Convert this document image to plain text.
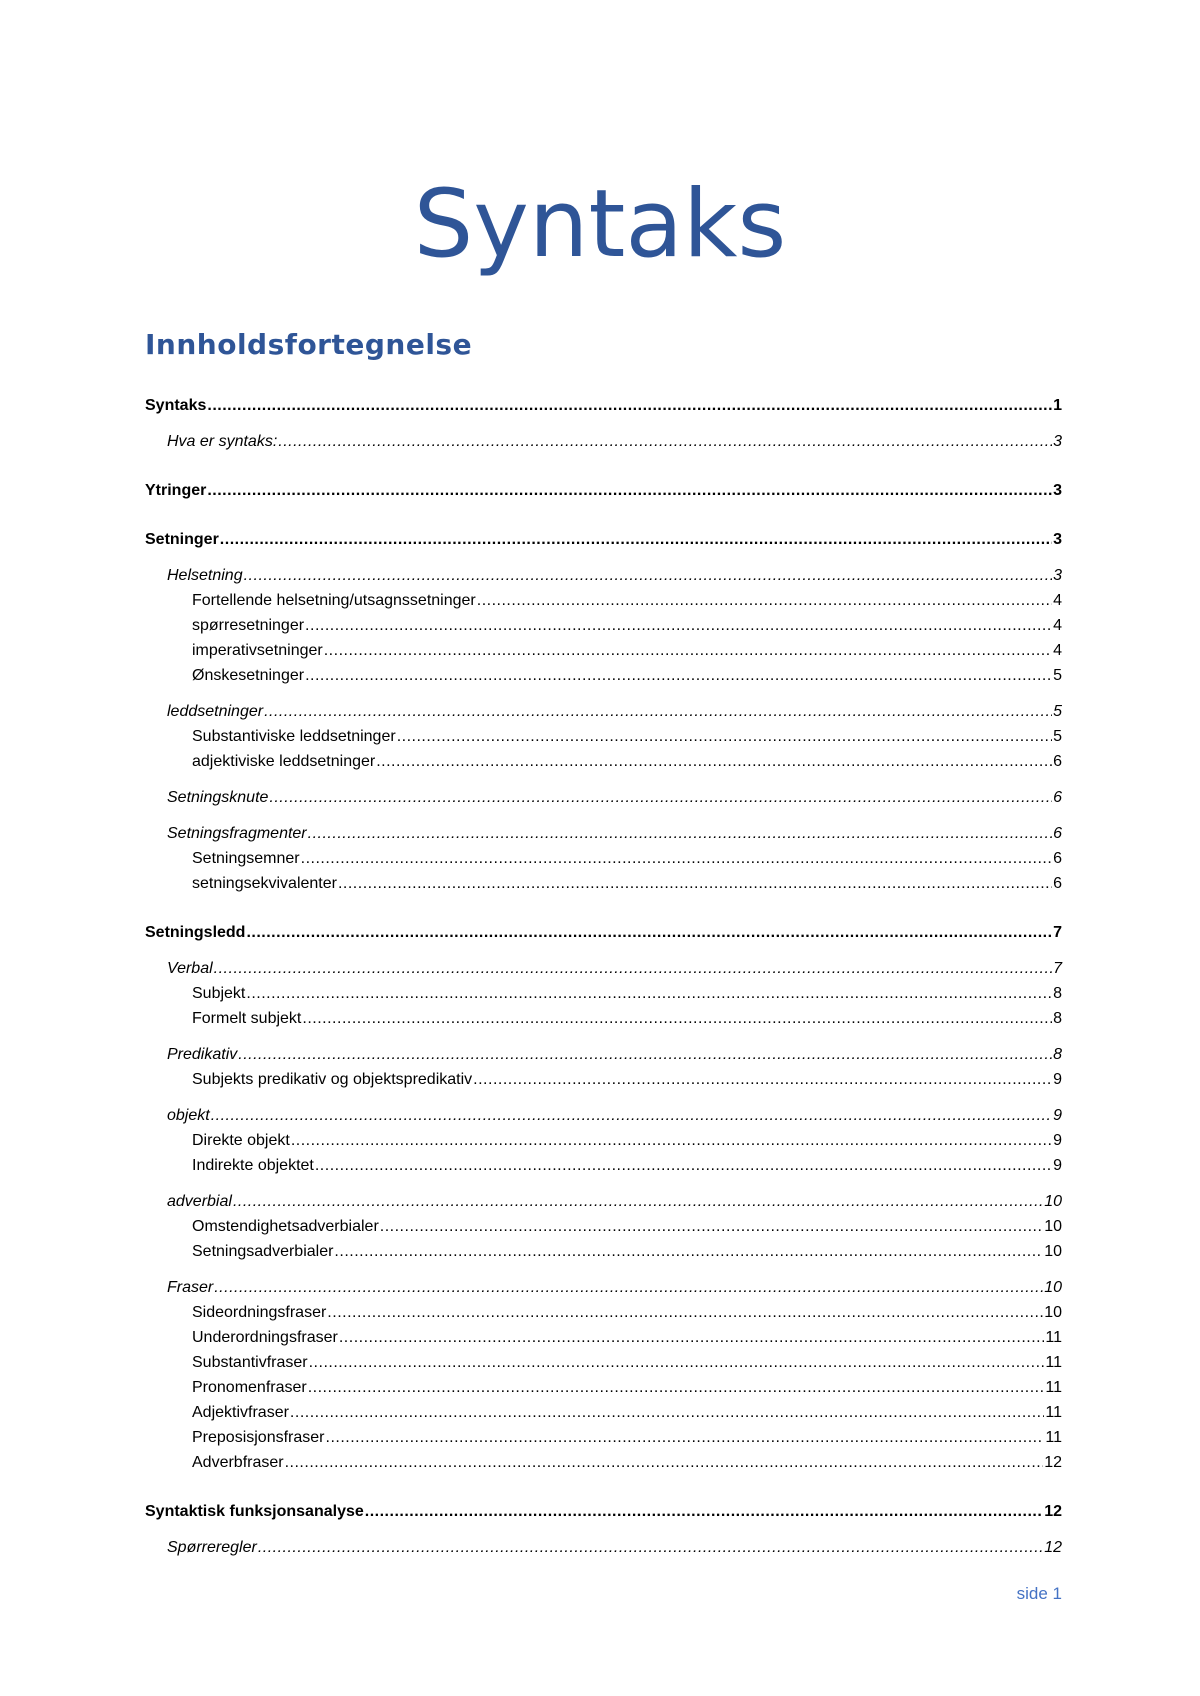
Syntaks
Innholdsfortegnelse
Syntaks .....	1
Hva er syntaks: .....	3
Ytringer .....	3
Setninger .....	3
Helsetning .....	3
Fortellende helsetning/utsagnssetninger .....	4
spørresetninger .....	4
imperativsetninger .....	4
Ønskesetninger .....	5
leddsetninger .....	5
Substantiviske leddsetninger .....	5
adjektiviske leddsetninger .....	6
Setningsknute .....	6
Setningsfragmenter .....	6
Setningsemner .....	6
setningsekvivalenter .....	6
Setningsledd .....	7
Verbal .....	7
Subjekt .....	8
Formelt subjekt .....	8
Predikativ .....	8
Subjekts predikativ og objektspredikativ .....	9
objekt .....	9
Direkte objekt .....	9
Indirekte objektet .....	9
adverbial .....	10
Omstendighetsadverbialer .....	10
Setningsadverbialer .....	10
Fraser .....	10
Sideordningsfraser .....	10
Underordningsfraser .....	11
Substantivfraser .....	11
Pronomenfraser .....	11
Adjektivfraser .....	11
Preposisjonsfraser .....	11
Adverbfraser .....	12
Syntaktisk funksjonsanalyse .....	12
Spørreregler .....	12
side 1
